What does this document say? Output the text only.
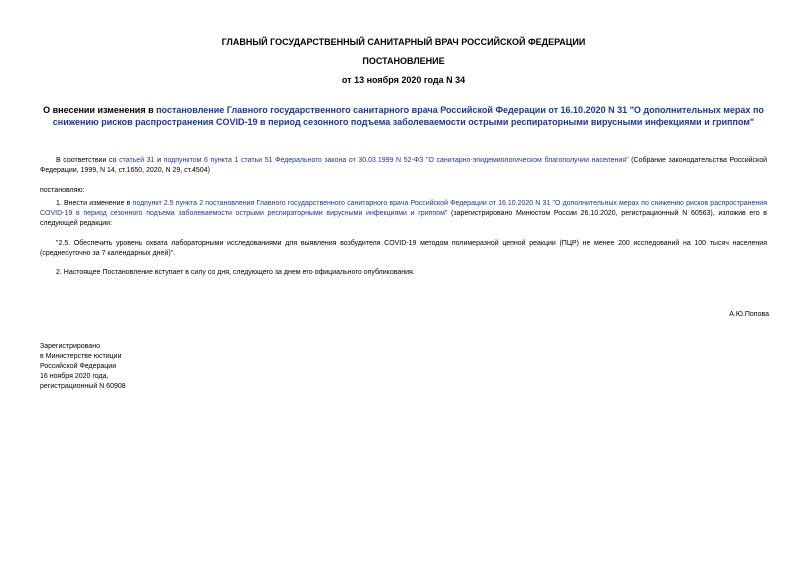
ГЛАВНЫЙ ГОСУДАРСТВЕННЫЙ САНИТАРНЫЙ ВРАЧ РОССИЙСКОЙ ФЕДЕРАЦИИ

ПОСТАНОВЛЕНИЕ

от 13 ноября 2020 года N 34

О внесении изменения в постановление Главного государственного санитарного врача Российской Федерации от 16.10.2020 N 31 "О дополнительных мерах по снижению рисков распространения COVID-19 в период сезонного подъема заболеваемости острыми респираторными вирусными инфекциями и гриппом"

В соответствии со статьей 31 и подпунктом 6 пункта 1 статьи 51 Федерального закона от 30.03.1999 N 52-ФЗ "О санитарно-эпидемиологическом благополучии населения" (Собрание законодательства Российской Федерации, 1999, N 14, ст.1650, 2020, N 29, ст.4504)

постановляю:

1. Внести изменение в подпункт 2.5 пункта 2 постановления Главного государственного санитарного врача Российской Федерации от 16.10.2020 N 31 "О дополнительных мерах по снижению рисков распространения COVID-19 в период сезонного подъема заболеваемости острыми респираторными вирусными инфекциями и гриппом" (зарегистрировано Минюстом России 26.10.2020, регистрационный N 60563), изложив его в следующей редакции:

"2.5. Обеспечить уровень охвата лабораторными исследованиями для выявления возбудителя COVID-19 методом полимеразной цепной реакции (ПЦР) не менее 200 исследований на 100 тысяч населения (среднесуточно за 7 календарных дней)".

2. Настоящее Постановление вступает в силу со дня, следующего за днем его официального опубликования.

А.Ю.Попова
Зарегистрировано
в Министерстве юстиции
Российской Федерации
16 ноября 2020 года,
регистрационный N 60908
